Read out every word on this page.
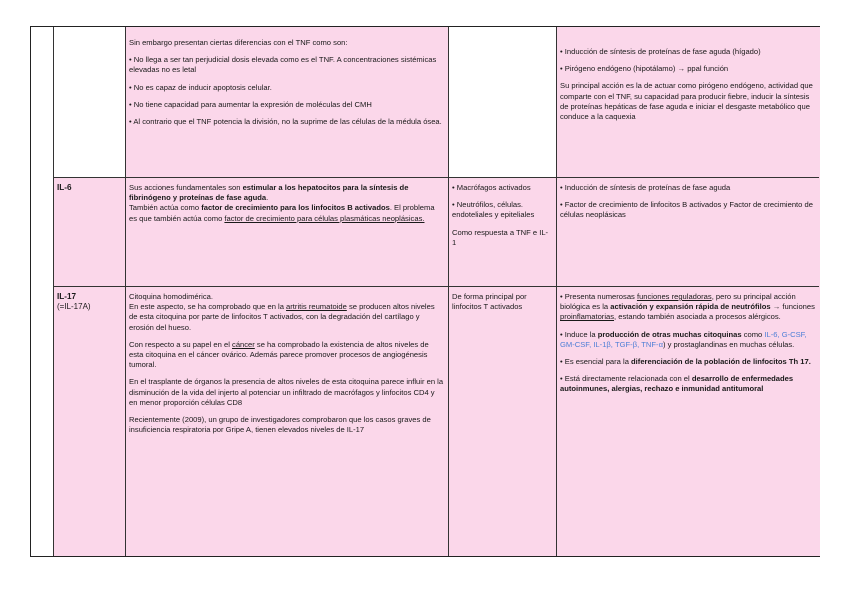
Sin embargo presentan ciertas diferencias con el TNF como son:

• No llega a ser tan perjudicial dosis elevada como es el TNF. A concentraciones sistémicas elevadas no es letal

• No es capaz de inducir apoptosis celular.

• No tiene capacidad para aumentar la expresión de moléculas del CMH

• Al contrario que el TNF potencia la división, no la suprime de las células de la médula ósea.

• Inducción de síntesis de proteínas de fase aguda (hígado)

• Pirógeno endógeno (hipotálamo) → ppal función

Su principal acción es la de actuar como pirógeno endógeno, actividad que comparte con el TNF, su capacidad para producir fiebre, inducir la síntesis de proteínas hepáticas de fase aguda e iniciar el desgaste metabólico que conduce a la caquexia

IL-6	Sus acciones fundamentales son estimular a los hepatocitos para la síntesis de fibrinógeno y proteínas de fase aguda.
También actúa como factor de crecimiento para los linfocitos B activados. El problema es que también actúa como factor de crecimiento para células plasmáticas neoplásicas.

• Macrófagos activados

• Neutrófilos, células. endoteliales y epiteliales

Como respuesta a TNF e IL-1

• Inducción de síntesis de proteínas de fase aguda

• Factor de crecimiento de linfocitos B activados y Factor de crecimiento de células neoplásicas

IL-17
(=IL-17A)

Citoquina homodimérica.
En este aspecto, se ha comprobado que en la artritis reumatoide se producen altos niveles de esta citoquina por parte de linfocitos T activados, con la degradación del cartílago y erosión del hueso.

Con respecto a su papel en el cáncer se ha comprobado la existencia de altos niveles de esta citoquina en el cáncer ovárico. Además parece promover procesos de angiogénesis tumoral.

En el trasplante de órganos la presencia de altos niveles de esta citoquina parece influir en la disminución de la vida del injerto al potenciar un infiltrado de macrófagos y linfocitos CD4 y en menor proporción células CD8

Recientemente (2009), un grupo de investigadores comprobaron que los casos graves de insuficiencia respiratoria por Gripe A, tienen elevados niveles de IL-17

De forma principal por linfocitos T activados

• Presenta numerosas funciones reguladoras, pero su principal acción biológica es la activación y expansión rápida de neutrófilos → funciones proinflamatorias, estando también asociada a procesos alérgicos.

• Induce la producción de otras muchas citoquinas como IL-6, G-CSF, GM-CSF, IL-1β, TGF-β, TNF-α) y prostaglandinas en muchas células.

• Es esencial para la diferenciación de la población de linfocitos Th 17.

• Está directamente relacionada con el desarrollo de enfermedades autoinmunes, alergias, rechazo e inmunidad antitumoral
